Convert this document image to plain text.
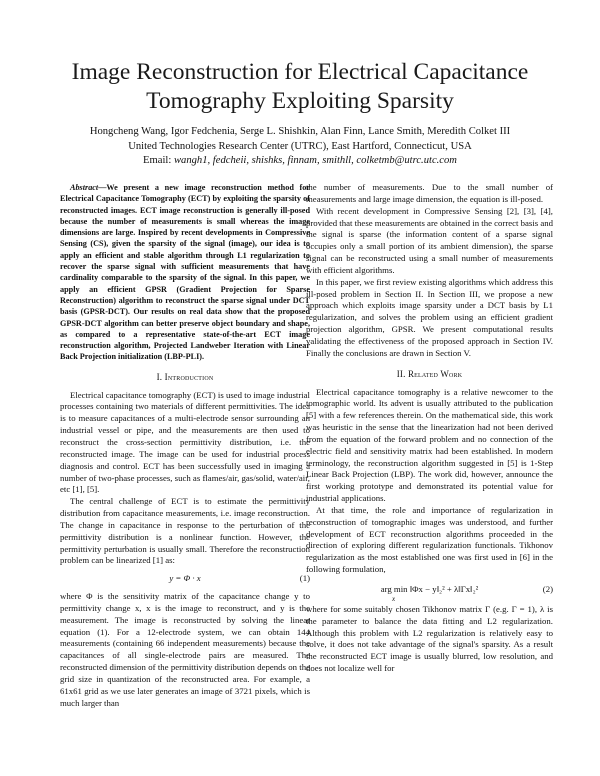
Image Reconstruction for Electrical Capacitance
Tomography Exploiting Sparsity
Hongcheng Wang, Igor Fedchenia, Serge L. Shishkin, Alan Finn, Lance Smith, Meredith Colket III
United Technologies Research Center (UTRC), East Hartford, Connecticut, USA
Email: wangh1, fedcheii, shishks, finnam, smithll, colketmb@utrc.utc.com

Abstract—We present a new image reconstruction method for Electrical Capacitance Tomography (ECT) by exploiting the sparsity of reconstructed images. ECT image reconstruction is generally ill-posed because the number of measurements is small whereas the image dimensions are large. Inspired by recent developments in Compressive Sensing (CS), given the sparsity of the signal (image), our idea is to apply an efficient and stable algorithm through L1 regularization to recover the sparse signal with sufficient measurements that have cardinality comparable to the sparsity of the signal. In this paper, we apply an efficient GPSR (Gradient Projection for Sparse Reconstruction) algorithm to reconstruct the sparse signal under DCT basis (GPSR-DCT). Our results on real data show that the proposed GPSR-DCT algorithm can better preserve object boundary and shape, as compared to a representative state-of-the-art ECT image reconstruction algorithm, Projected Landweber Iteration with Linear Back Projection initialization (LBP-PLI).

I. Introduction

Electrical capacitance tomography (ECT) is used to image industrial processes containing two materials of different permittivities. The idea is to measure capacitances of a multi-electrode sensor surrounding an industrial vessel or pipe, and the measurements are then used to reconstruct the cross-section permittivity distribution, i.e. the reconstructed image. The image can be used for industrial process diagnosis and control. ECT has been successfully used in imaging a number of two-phase processes, such as flames/air, gas/solid, water/air, etc [1], [5].

The central challenge of ECT is to estimate the permittivity distribution from capacitance measurements, i.e. image reconstruction. The change in capacitance in response to the perturbation of the permittivity distribution is a nonlinear function. However, the permittivity perturbation is usually small. Therefore the reconstruction problem can be linearized [1] as:

y = Φ · x	(1)

where Φ is the sensitivity matrix of the capacitance change y to permittivity change x, x is the image to reconstruct, and y is the measurement. The image is reconstructed by solving the linear equation (1). For a 12-electrode system, we can obtain 144 measurements (containing 66 independent measurements) because the capacitances of all single-electrode pairs are measured. The reconstructed dimension of the permittivity distribution depends on the grid size in quantization of the reconstructed area. For example, a 61x61 grid as we use later generates an image of 3721 pixels, which is much larger than

the number of measurements. Due to the small number of measurements and large image dimension, the equation is ill-posed.

With recent development in Compressive Sensing [2], [3], [4], provided that these measurements are obtained in the correct basis and the signal is sparse (the information content of a sparse signal occupies only a small portion of its ambient dimension), the sparse signal can be reconstructed using a small number of measurements with efficient algorithms.

In this paper, we first review existing algorithms which address this ill-posed problem in Section II. In Section III, we propose a new approach which exploits image sparsity under a DCT basis by L1 regularization, and solves the problem using an efficient gradient projection algorithm, GPSR. We present computational results validating the effectiveness of the proposed approach in Section IV. Finally the conclusions are drawn in Section V.

II. Related Work

Electrical capacitance tomography is a relative newcomer to the tomographic world. Its advent is usually attributed to the publication [5] with a few references therein. On the mathematical side, this work was heuristic in the sense that the linearization had not been derived from the equation of the forward problem and no connection of the electric field and sensitivity matrix had been established. In modern terminology, the reconstruction algorithm suggested in [5] is 1-Step Linear Back Projection (LBP). The work did, however, announce the first working prototype and demonstrated its potential value for industrial applications.

At that time, the role and importance of regularization in reconstruction of tomographic images was understood, and further development of ECT reconstruction algorithms proceeded in the direction of exploring different regularization functionals. Tikhonov regularization as the most established one was first used in [6] in the following formulation,

arg min ‖Φx − y‖₂² + λ‖Γx‖₂²
x
(2)

where for some suitably chosen Tikhonov matrix Γ (e.g. Γ = 1), λ is the parameter to balance the data fitting and L2 regularization. Although this problem with L2 regularization is relatively easy to solve, it does not take advantage of the signal's sparsity. As a result the reconstructed ECT image is usually blurred, low resolution, and does not localize well for
